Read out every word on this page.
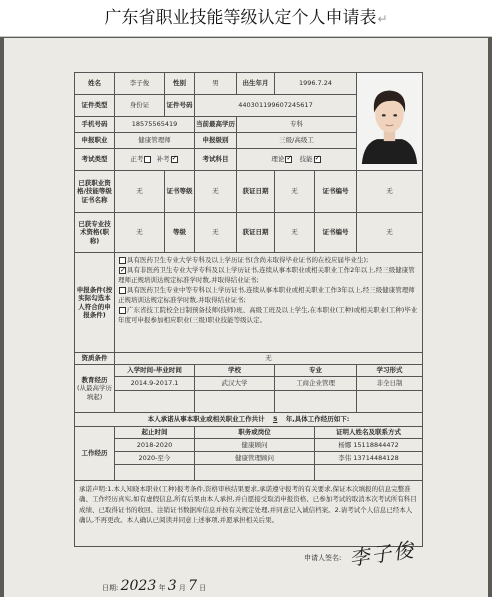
广东省职业技能等级认定个人申请表↵
姓名	李子俊	性别	男	出生年月	1996.7.24	

证件类型	身份证	证件号码	440301199607245617				
手机号码	18575565419		当前最高学历	专科			
申报职业	健康管理师		申报级别	三级/高级工			
考试类型	正考 补考✓		考试科目	理论 ✓ 技能✓
已获职业资格/技能等级证书名称	无	证书等级	无	获证日期	无	证书编号	无
已获专业技术资格(职称)	无	等级	无	获证日期	无	证书编号	无
申报条件(按实际勾选本人符合的申报条件)	具有医药卫生专业大学专科及以上学历证书(含尚未取得毕业证书的在校应届毕业生);
✓具有非医药卫生专业大学专科及以上学历证书,连续从事本职业或相关职业工作2年以上,经三级健康管理师正规培训达规定标准学时数,并取得结业证书;
具有医药卫生专业中等专科以上学历证书,连续从事本职业或相关职业工作3年以上,经三级健康管理师正规培训达规定标准学时数,并取得结业证书;
广东省技工院校全日制预备技师(技师)班、高级工班及以上学生,在本职业(工种)或相关职业(工种)毕业年度可申报参加相应职业(三级)职业技能等级认定。

资质条件	无						
教育经历
(从最高学历填起)	入学时间-毕业时间		学校		专业		学习形式
	2014.9-2017.1		武汉大学		工商企业管理		非全日制

本人承诺从事本职业或相关职业工作共计 5 年,具体工作经历如下:							
工作经历	起止时间		职务或岗位			证明人姓名及联系方式	
	2018-2020		健康顾问			杨娜 15118844472	
	2020-至今		健康管理顾问			李伟 13714484128	

承诺声明:1.本人知晓本职业(工种)报考条件,资格审核结果要求,承诺遵守报考的有关要求,保证本次填报的信息完整准确、工作经历真实,如有虚假信息,所有后果由本人承担,并自愿接受取消申报资格、已参加考试的取消本次考试所有科目成绩、已取得证书的收回、注销证书数据库信息并按有关规定处理,并同意记入诚信档案。2.请考试个人信息已经本人确认,不再更改。本人确认已阅读并同意上述事项,并愿承担相关后果。							
李子俊
申请人签名:
日期: 2023 年 3 月 7 日
